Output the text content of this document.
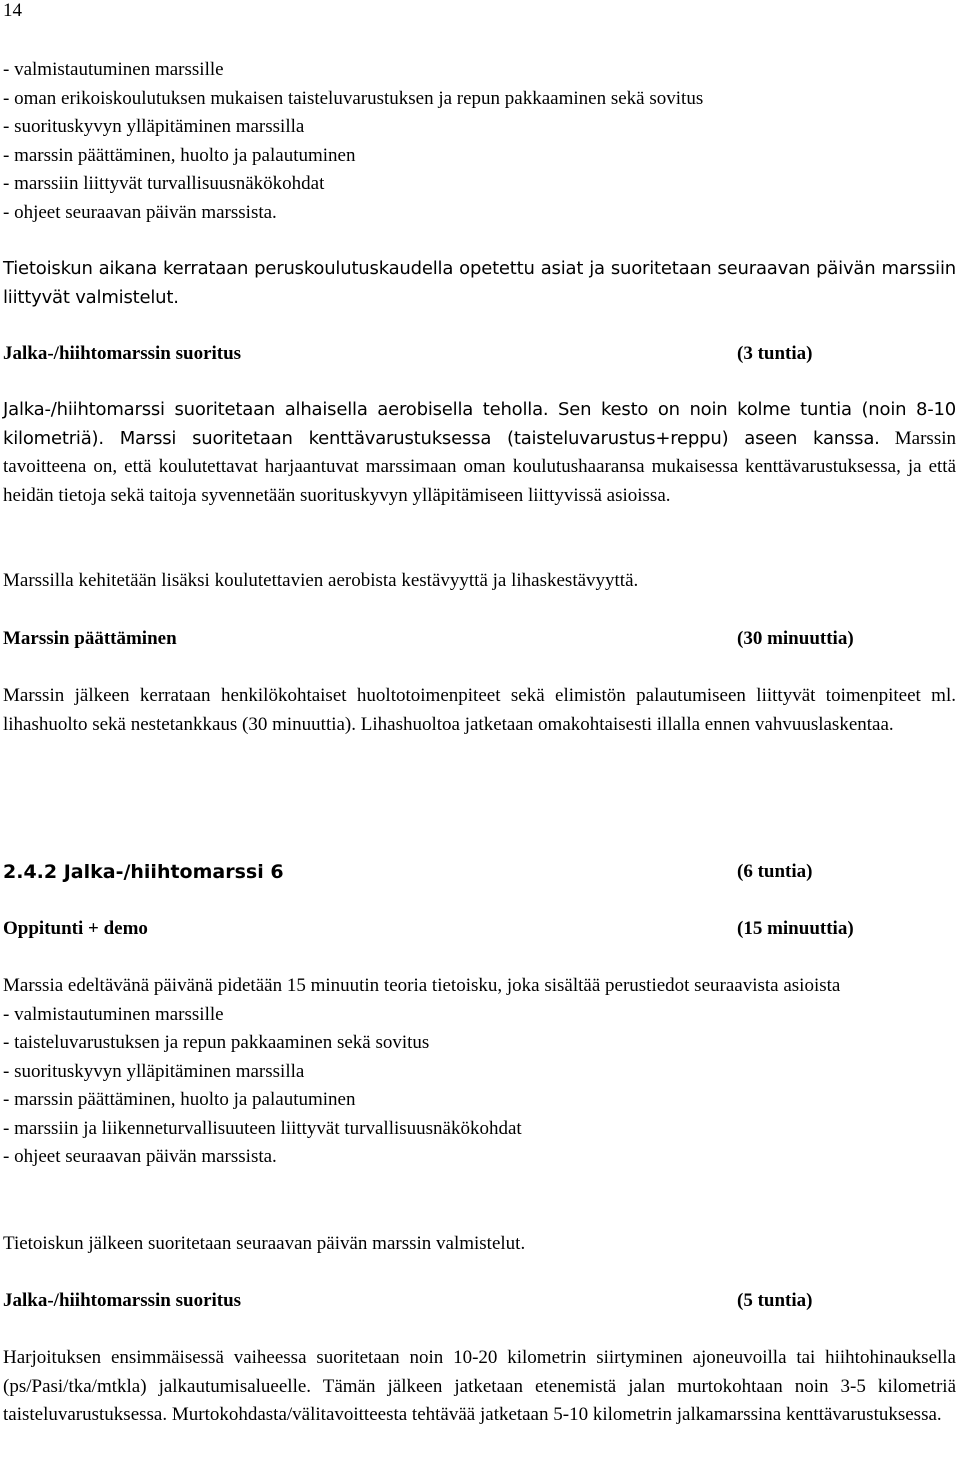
14

- valmistautuminen marssille

- oman erikoiskoulutuksen mukaisen taisteluvarustuksen ja repun pakkaaminen sekä sovitus

- suorituskyvyn ylläpitäminen marssilla

- marssin päättäminen, huolto ja palautuminen

- marssiin liittyvät turvallisuusnäkökohdat

- ohjeet seuraavan päivän marssista.

Tietoiskun aikana kerrataan peruskoulutuskaudella opetettu asiat ja suoritetaan seuraavan päivän marssiin liittyvät valmistelut.

Jalka-/hiihtomarssin suoritus	(3 tuntia)

Jalka-/hiihtomarssi suoritetaan alhaisella aerobisella teholla. Sen kesto on noin kolme tuntia (noin 8-10 kilometriä). Marssi suoritetaan kenttävarustuksessa (taisteluvarustus+reppu) aseen kanssa. Marssin tavoitteena on, että koulutettavat harjaantuvat marssimaan oman koulutushaaransa mukaisessa kenttävarustuksessa, ja että heidän tietoja sekä taitoja syvennetään suorituskyvyn ylläpitämiseen liittyvissä asioissa.

Marssilla kehitetään lisäksi koulutettavien aerobista kestävyyttä ja lihaskestävyyttä.

Marssin päättäminen	(30 minuuttia)

Marssin jälkeen kerrataan henkilökohtaiset huoltotoimenpiteet sekä elimistön palautumiseen liittyvät toimenpiteet ml. lihashuolto sekä nestetankkaus (30 minuuttia). Lihashuoltoa jatketaan omakohtaisesti illalla ennen vahvuuslaskentaa.

2.4.2 Jalka-/hiihtomarssi 6	(6 tuntia)
Oppitunti + demo	(15 minuuttia)

Marssia edeltävänä päivänä pidetään 15 minuutin teoria tietoisku, joka sisältää perustiedot seuraavista asioista

- valmistautuminen marssille

- taisteluvarustuksen ja repun pakkaaminen sekä sovitus

- suorituskyvyn ylläpitäminen marssilla

- marssin päättäminen, huolto ja palautuminen

- marssiin ja liikenneturvallisuuteen liittyvät turvallisuusnäkökohdat

- ohjeet seuraavan päivän marssista.

Tietoiskun jälkeen suoritetaan seuraavan päivän marssin valmistelut.

Jalka-/hiihtomarssin suoritus	(5 tuntia)

Harjoituksen ensimmäisessä vaiheessa suoritetaan noin 10-20 kilometrin siirtyminen ajoneuvoilla tai hiihtohinauksella (ps/Pasi/tka/mtkla) jalkautumisalueelle. Tämän jälkeen jatketaan etenemistä jalan murtokohtaan noin 3-5 kilometriä taisteluvarustuksessa. Murtokohdasta/välitavoitteesta tehtävää jatketaan 5-10 kilometrin jalkamarssina kenttävarustuksessa.
